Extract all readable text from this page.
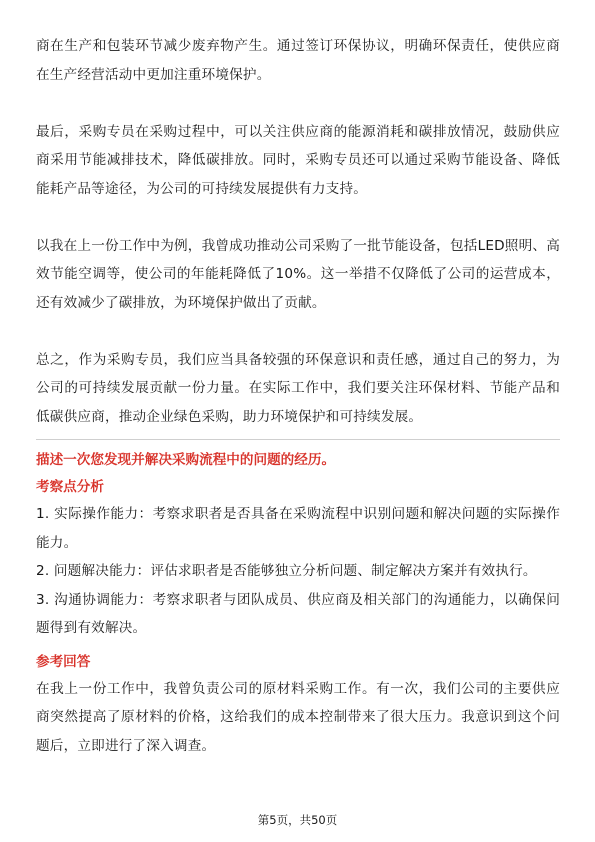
商在生产和包装环节减少废弃物产生。通过签订环保协议，明确环保责任，使供应商在生产经营活动中更加注重环境保护。

最后，采购专员在采购过程中，可以关注供应商的能源消耗和碳排放情况，鼓励供应商采用节能减排技术，降低碳排放。同时，采购专员还可以通过采购节能设备、降低能耗产品等途径，为公司的可持续发展提供有力支持。

以我在上一份工作中为例，我曾成功推动公司采购了一批节能设备，包括LED照明、高效节能空调等，使公司的年能耗降低了10%。这一举措不仅降低了公司的运营成本，还有效减少了碳排放，为环境保护做出了贡献。

总之，作为采购专员，我们应当具备较强的环保意识和责任感，通过自己的努力，为公司的可持续发展贡献一份力量。在实际工作中，我们要关注环保材料、节能产品和低碳供应商，推动企业绿色采购，助力环境保护和可持续发展。

描述一次您发现并解决采购流程中的问题的经历。

考察点分析

1. 实际操作能力：考察求职者是否具备在采购流程中识别问题和解决问题的实际操作能力。

2. 问题解决能力：评估求职者是否能够独立分析问题、制定解决方案并有效执行。

3. 沟通协调能力：考察求职者与团队成员、供应商及相关部门的沟通能力，以确保问题得到有效解决。

参考回答

在我上一份工作中，我曾负责公司的原材料采购工作。有一次，我们公司的主要供应商突然提高了原材料的价格，这给我们的成本控制带来了很大压力。我意识到这个问题后，立即进行了深入调查。

第5页，共50页
